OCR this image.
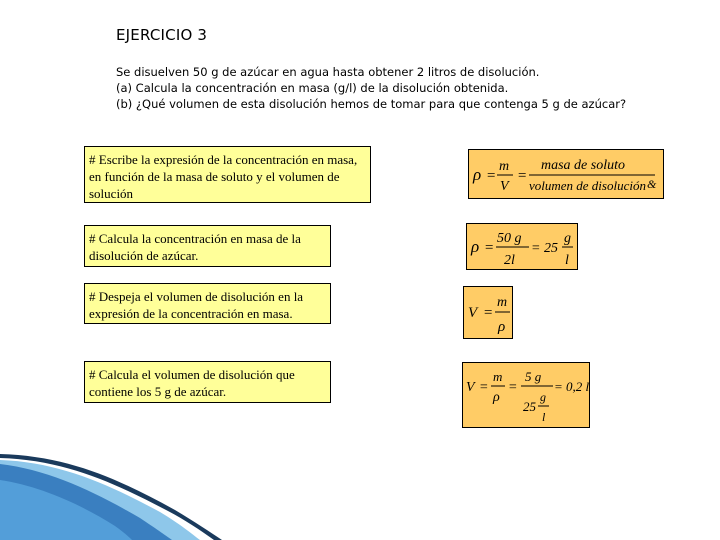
EJERCICIO 3
Se disuelven 50 g de azúcar en agua hasta obtener 2 litros de disolución.
(a) Calcula la concentración en masa (g/l) de la disolución obtenida.
(b) ¿Qué volumen de esta disolución hemos de tomar para que contenga 5 g de azúcar?
# Escribe la expresión de la concentración en masa, en función de la masa de soluto y el volumen de solución
# Calcula la concentración en masa de la disolución de azúcar.
# Despeja el volumen de disolución en la expresión de la concentración en masa.
# Calcula el volumen de disolución que contiene los 5 g de azúcar.
ρ =
m
V
=
masa de soluto
volumen de disolución &
ρ =
50 g
2l
= 25
g
l
V =
m
ρ
V =
m
ρ
=
5 g
25
g
l
= 0,2 l
